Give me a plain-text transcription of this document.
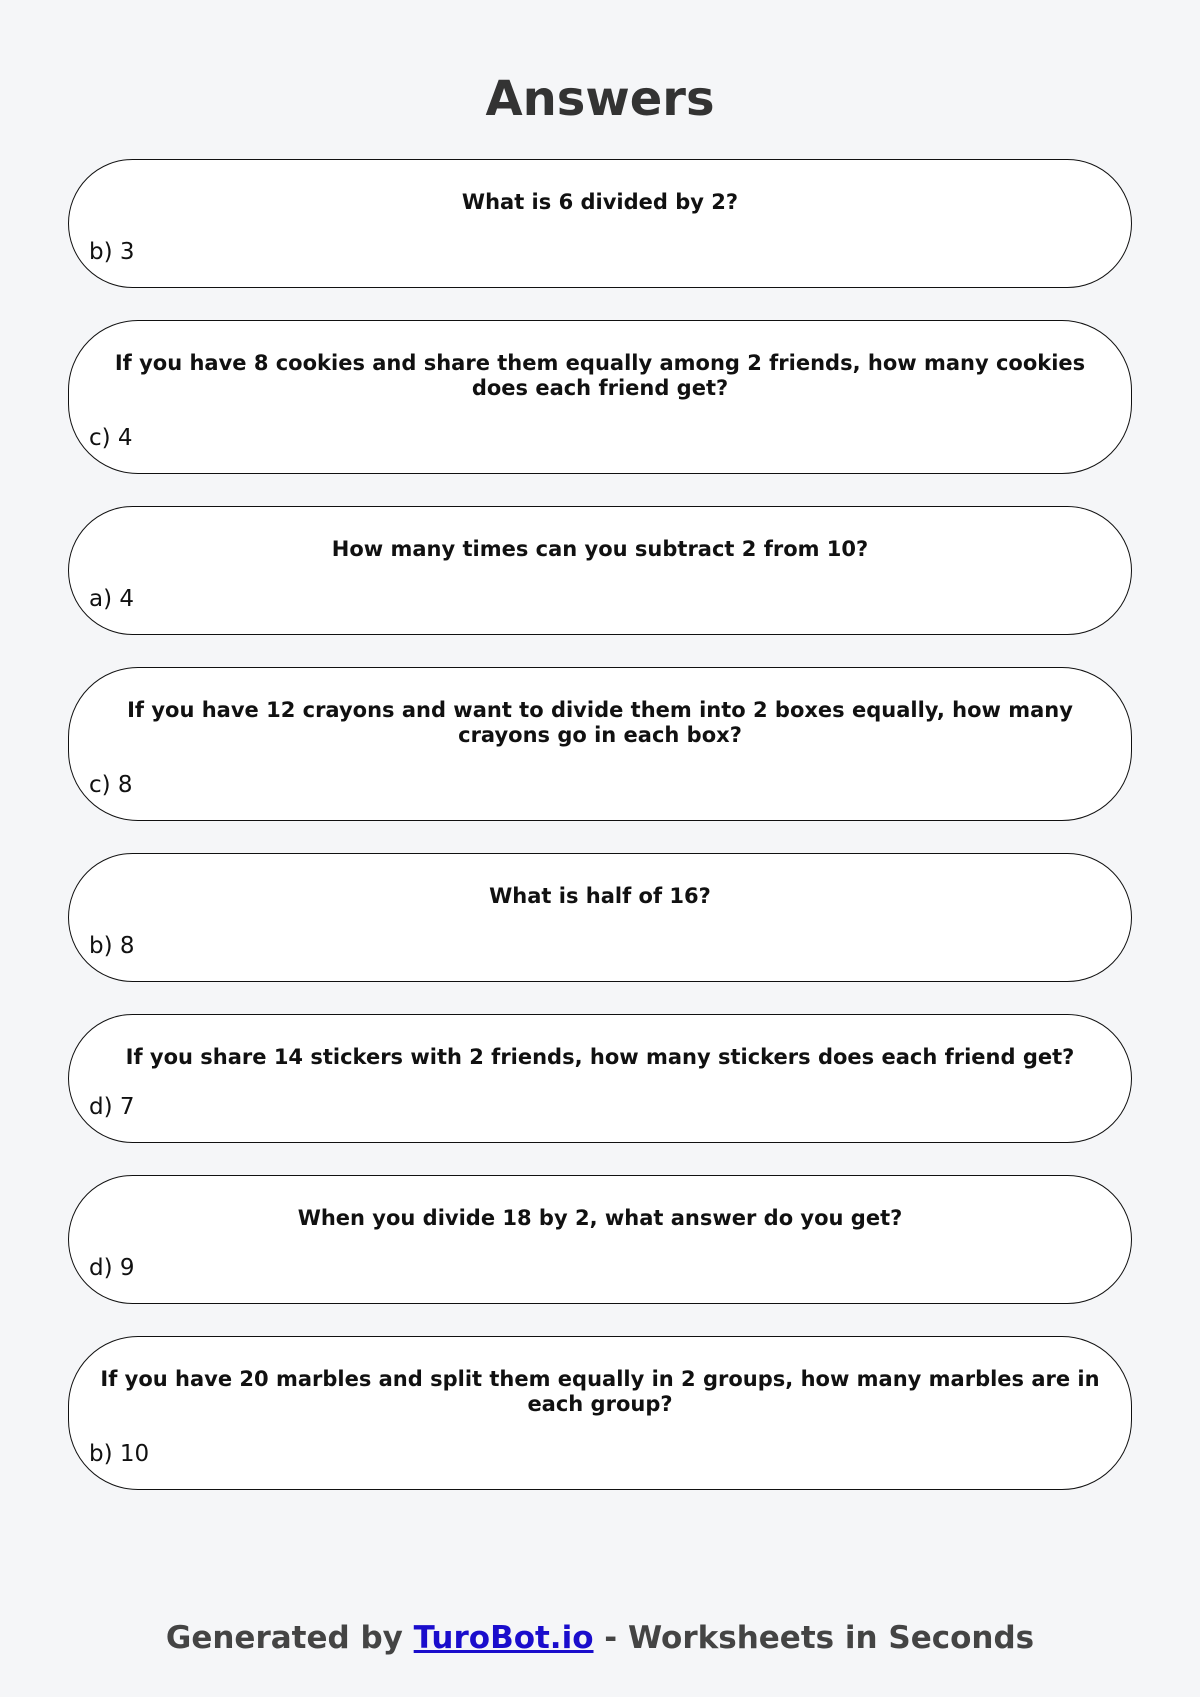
Answers

What is 6 divided by 2?

b) 3

If you have 8 cookies and share them equally among 2 friends, how many cookies does each friend get?

c) 4

How many times can you subtract 2 from 10?

a) 4

If you have 12 crayons and want to divide them into 2 boxes equally, how many crayons go in each box?

c) 8

What is half of 16?

b) 8

If you share 14 stickers with 2 friends, how many stickers does each friend get?

d) 7

When you divide 18 by 2, what answer do you get?

d) 9

If you have 20 marbles and split them equally in 2 groups, how many marbles are in each group?

b) 10
Generated by TuroBot.io - Worksheets in Seconds
